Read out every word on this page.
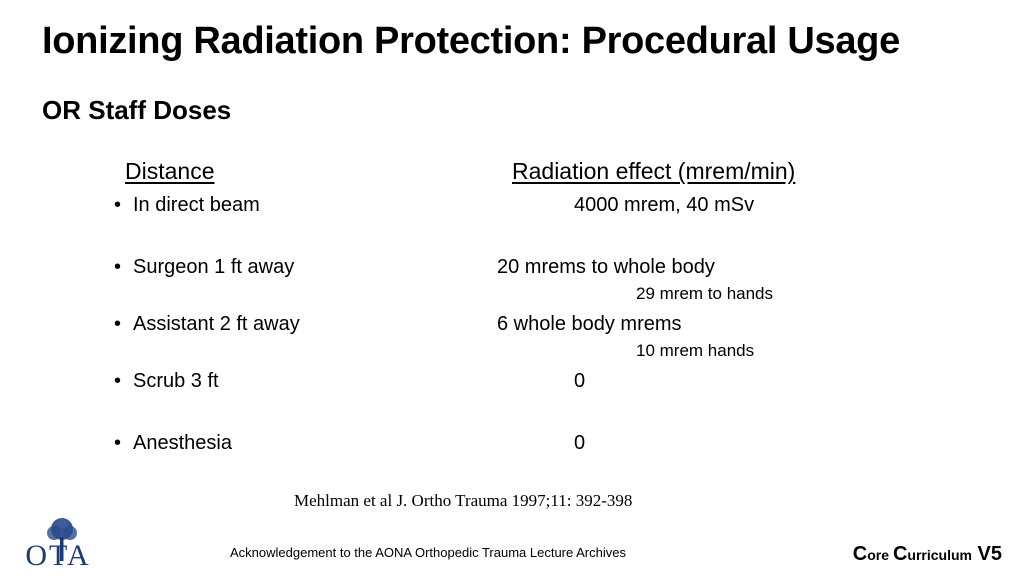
Ionizing Radiation Protection: Procedural Usage
OR Staff Doses
Distance	Radiation effect (mrem/min)
• In direct beam	4000 mrem, 40 mSv
• Surgeon 1 ft away	20 mrems to whole body
29 mrem to hands
• Assistant 2 ft away	6 whole body mrems
10 mrem hands
• Scrub 3 ft	0
• Anesthesia	0
Mehlman et al J. Ortho Trauma 1997;11: 392-398
OTA	Acknowledgement to the AONA Orthopedic Trauma Lecture Archives	Core Curriculum V5
